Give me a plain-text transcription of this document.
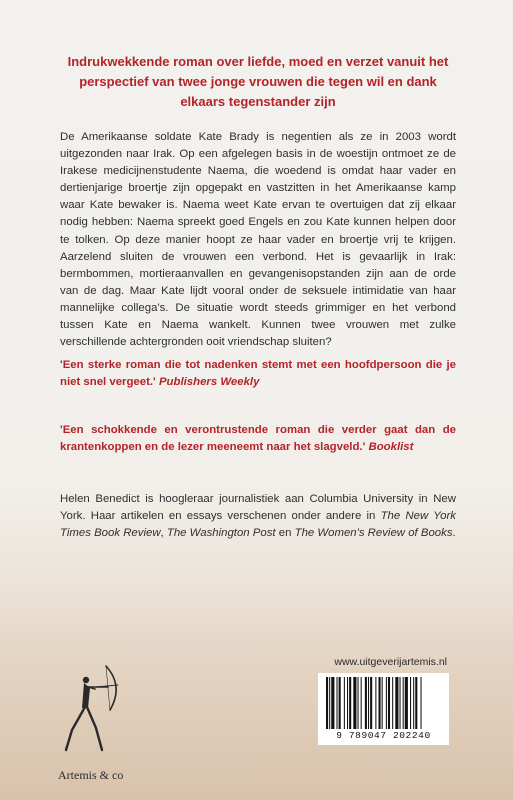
Indrukwekkende roman over liefde, moed en verzet vanuit het perspectief van twee jonge vrouwen die tegen wil en dank elkaars tegenstander zijn

De Amerikaanse soldate Kate Brady is negentien als ze in 2003 wordt uitgezonden naar Irak. Op een afgelegen basis in de woestijn ontmoet ze de Irakese medicijnenstudente Naema, die woedend is omdat haar vader en dertienjarige broertje zijn opgepakt en vastzitten in het Amerikaanse kamp waar Kate bewaker is. Naema weet Kate ervan te overtuigen dat zij elkaar nodig hebben: Naema spreekt goed Engels en zou Kate kunnen helpen door te tolken. Op deze manier hoopt ze haar vader en broertje vrij te krijgen. Aarzelend sluiten de vrouwen een verbond. Het is gevaarlijk in Irak: bermbommen, mortieraanvallen en gevangenisopstanden zijn aan de orde van de dag. Maar Kate lijdt vooral onder de seksuele intimidatie van haar mannelijke collega's. De situatie wordt steeds grimmiger en het verbond tussen Kate en Naema wankelt. Kunnen twee vrouwen met zulke verschillende achtergronden ooit vriendschap sluiten?

'Een sterke roman die tot nadenken stemt met een hoofdpersoon die je niet snel vergeet.' Publishers Weekly

'Een schokkende en verontrustende roman die verder gaat dan de krantenkoppen en de lezer meeneemt naar het slagveld.' Booklist

Helen Benedict is hoogleraar journalistiek aan Columbia University in New York. Haar artikelen en essays verschenen onder andere in The New York Times Book Review, The Washington Post en The Women's Review of Books.

www.uitgeverijartemis.nl

9 789047 202240

Artemis & co
